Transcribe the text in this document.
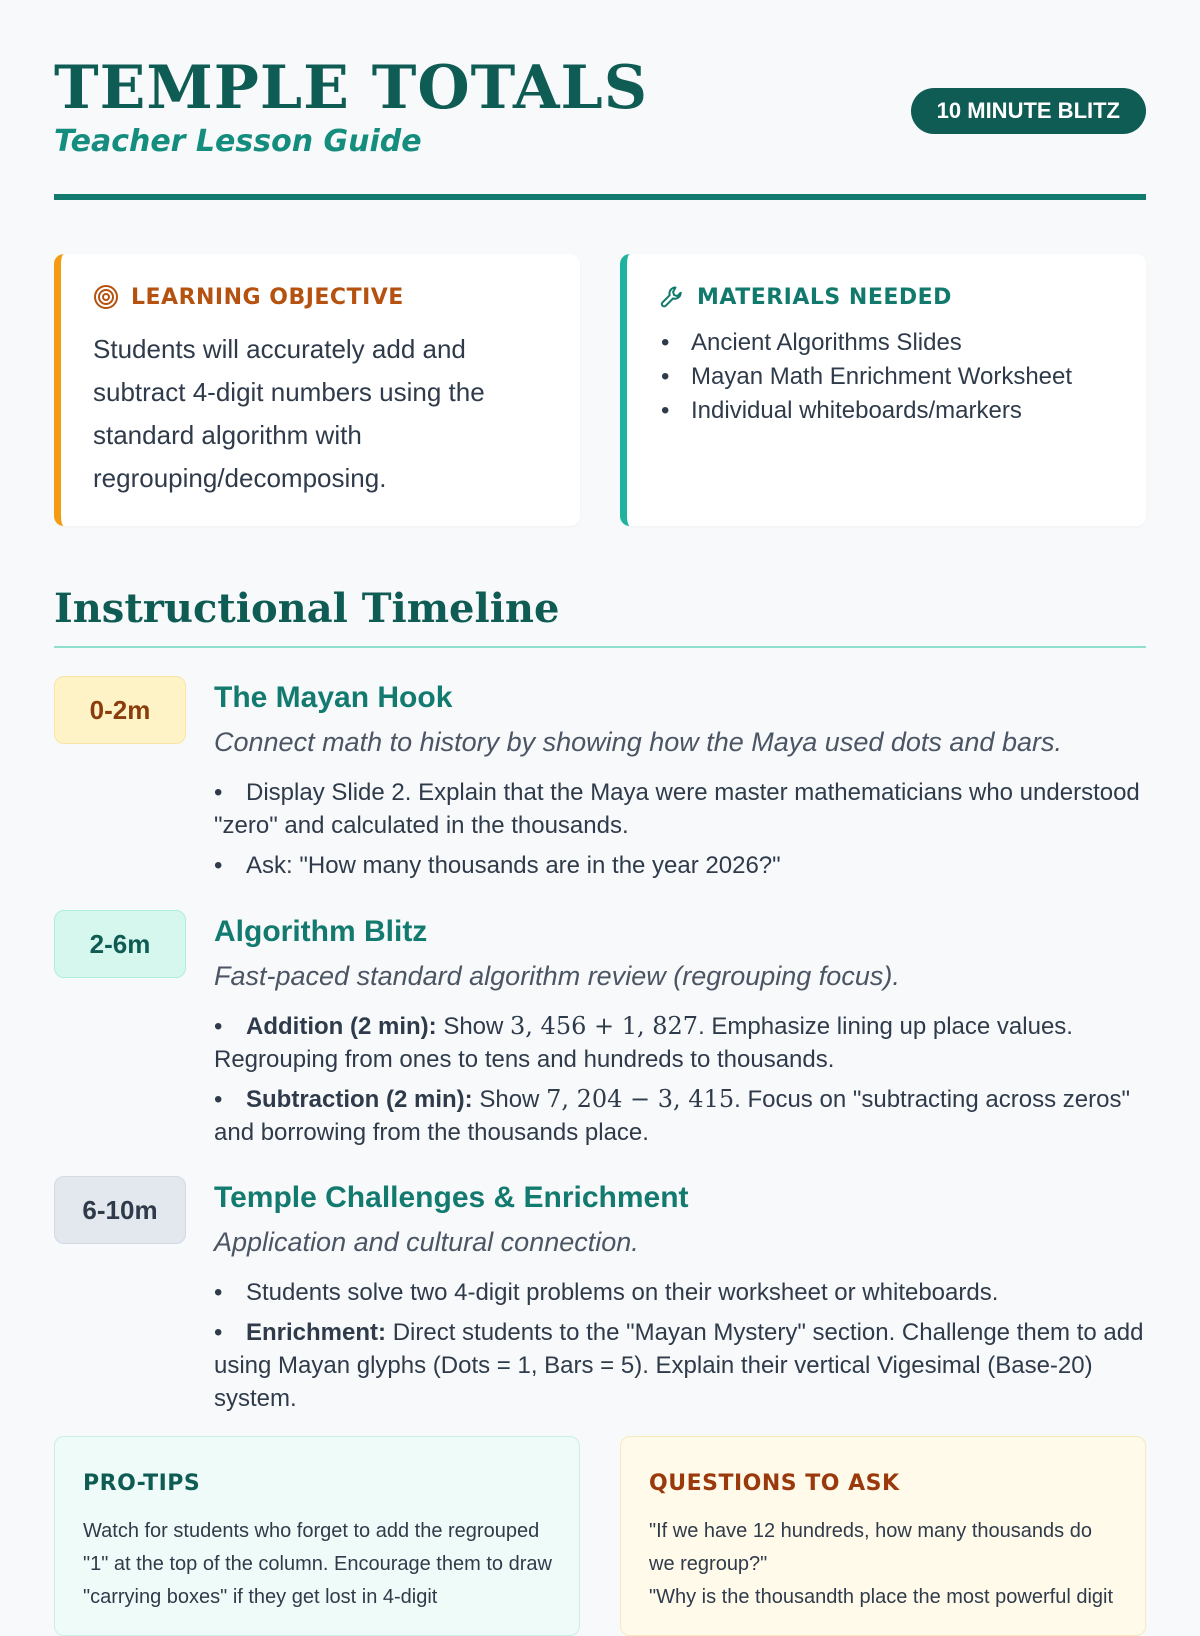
TEMPLE TOTALS
Teacher Lesson Guide
10 MINUTE BLITZ
LEARNING OBJECTIVE
Students will accurately add and subtract 4-digit numbers using the standard algorithm with regrouping/decomposing.
MATERIALS NEEDED
• Ancient Algorithms Slides
• Mayan Math Enrichment Worksheet
• Individual whiteboards/markers
Instructional Timeline
0-2m	The Mayan Hook
Connect math to history by showing how the Maya used dots and bars.
• Display Slide 2. Explain that the Maya were master mathematicians who understood "zero" and calculated in the thousands.
• Ask: "How many thousands are in the year 2026?"
2-6m	Algorithm Blitz
Fast-paced standard algorithm review (regrouping focus).
• Addition (2 min): Show 3, 456 + 1, 827. Emphasize lining up place values. Regrouping from ones to tens and hundreds to thousands.
• Subtraction (2 min): Show 7, 204 − 3, 415. Focus on "subtracting across zeros" and borrowing from the thousands place.
6-10m	Temple Challenges & Enrichment
Application and cultural connection.
• Students solve two 4-digit problems on their worksheet or whiteboards.
• Enrichment: Direct students to the "Mayan Mystery" section. Challenge them to add using Mayan glyphs (Dots = 1, Bars = 5). Explain their vertical Vigesimal (Base-20) system.
PRO-TIPS
Watch for students who forget to add the regrouped "1" at the top of the column. Encourage them to draw "carrying boxes" if they get lost in 4-digit
QUESTIONS TO ASK
"If we have 12 hundreds, how many thousands do we regroup?"
"Why is the thousandth place the most powerful digit
